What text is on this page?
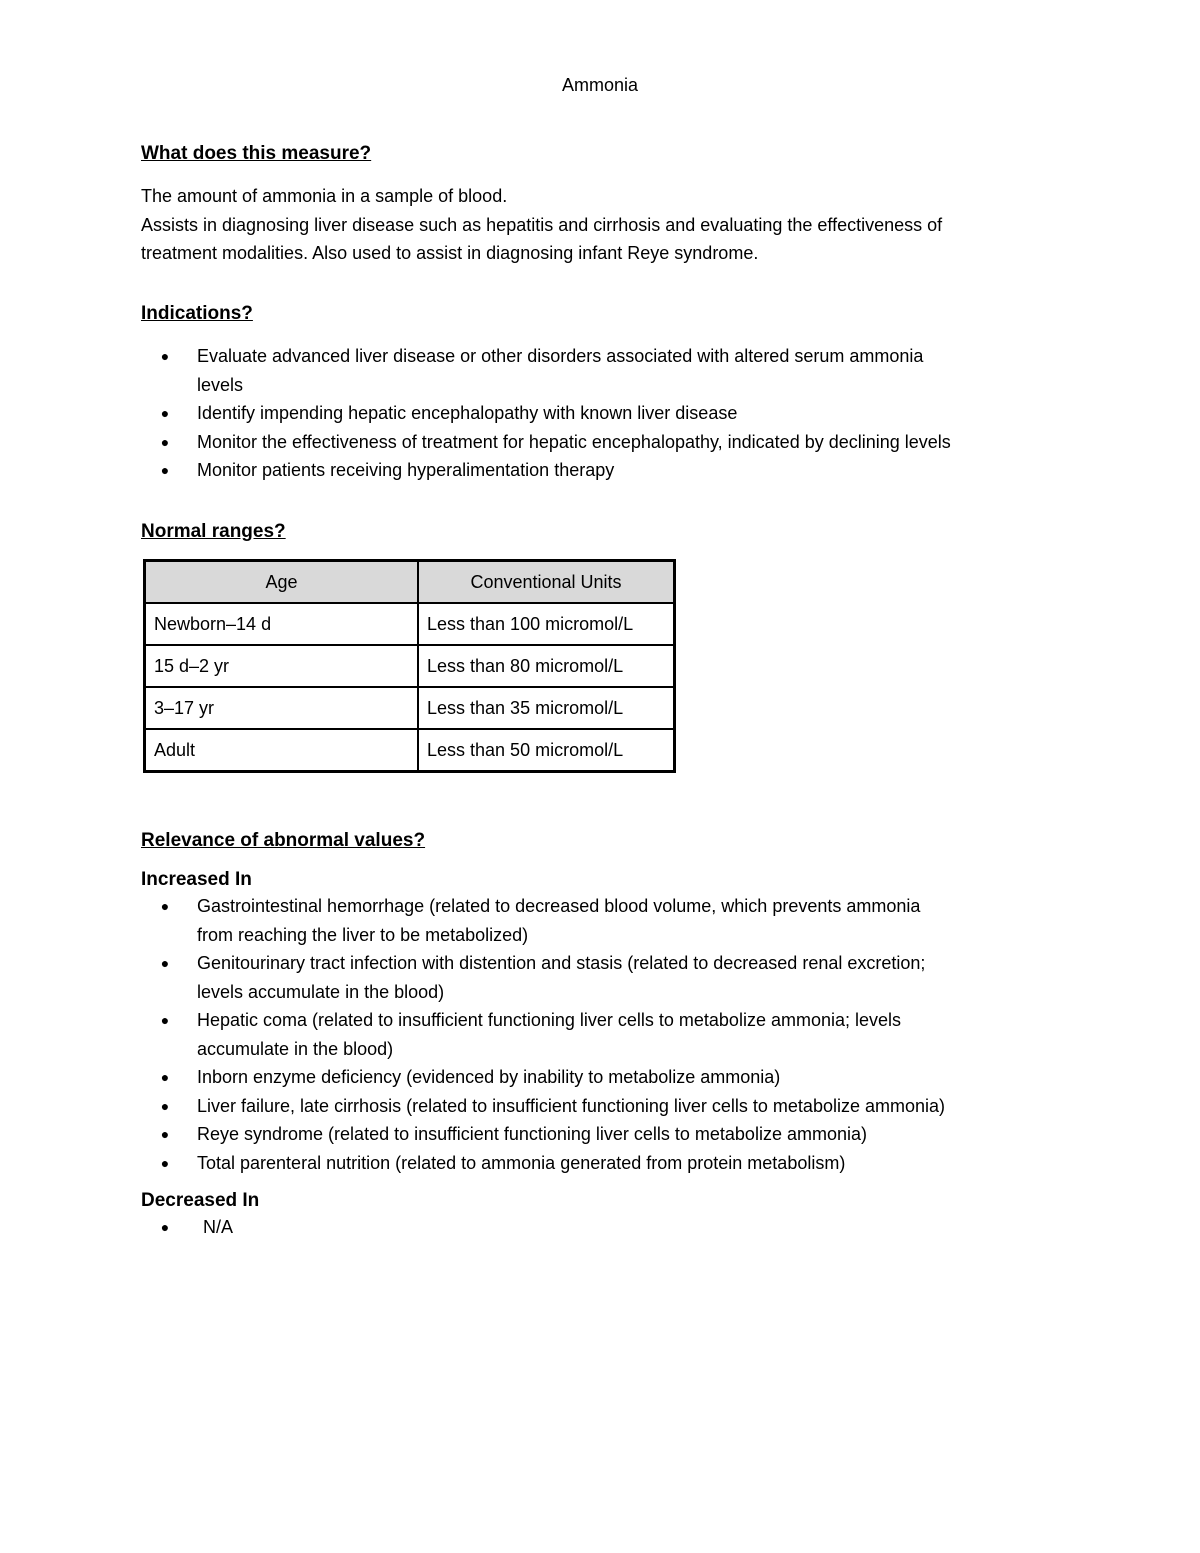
Ammonia

What does this measure?

The amount of ammonia in a sample of blood.

Assists in diagnosing liver disease such as hepatitis and cirrhosis and evaluating the effectiveness of

treatment modalities. Also used to assist in diagnosing infant Reye syndrome.

Indications?

● Evaluate advanced liver disease or other disorders associated with altered serum ammonia
levels
● Identify impending hepatic encephalopathy with known liver disease
● Monitor the effectiveness of treatment for hepatic encephalopathy, indicated by declining levels
● Monitor patients receiving hyperalimentation therapy

Normal ranges?

Age	Conventional Units
Newborn–14 d	Less than 100 micromol/L
15 d–2 yr	Less than 80 micromol/L
3–17 yr	Less than 35 micromol/L
Adult	Less than 50 micromol/L

Relevance of abnormal values?

Increased In

● Gastrointestinal hemorrhage (related to decreased blood volume, which prevents ammonia
from reaching the liver to be metabolized)
● Genitourinary tract infection with distention and stasis (related to decreased renal excretion;
levels accumulate in the blood)
● Hepatic coma (related to insufficient functioning liver cells to metabolize ammonia; levels
accumulate in the blood)
● Inborn enzyme deficiency (evidenced by inability to metabolize ammonia)
● Liver failure, late cirrhosis (related to insufficient functioning liver cells to metabolize ammonia)
● Reye syndrome (related to insufficient functioning liver cells to metabolize ammonia)
● Total parenteral nutrition (related to ammonia generated from protein metabolism)

Decreased In

● N/A
